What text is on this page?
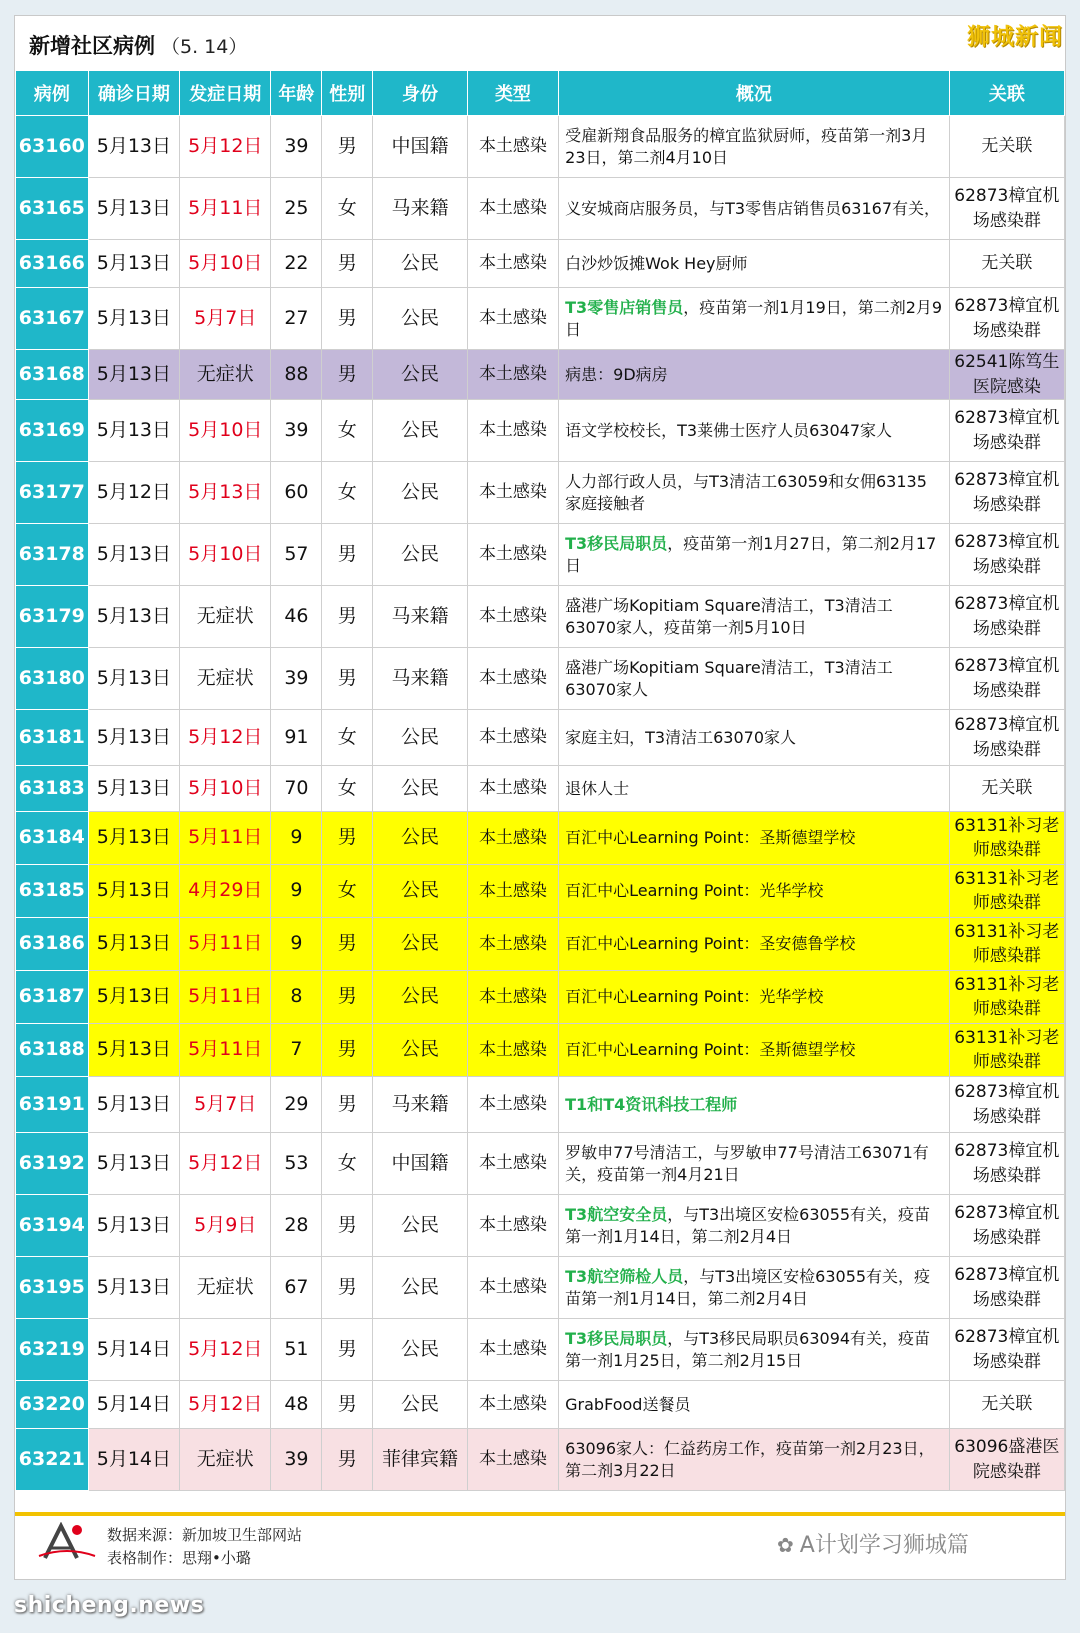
新增社区病例 （5. 14）	狮城新闻
病例	确诊日期	发症日期	年龄	性别	身份	类型	概况	关联
63160	5月13日	5月12日	39	男	中国籍	本土感染	受雇新翔食品服务的樟宜监狱厨师，疫苗第一剂3月23日，第二剂4月10日	无关联
63165	5月13日	5月11日	25	女	马来籍	本土感染	义安城商店服务员，与T3零售店销售员63167有关，	62873樟宜机场感染群
63166	5月13日	5月10日	22	男	公民	本土感染	白沙炒饭摊Wok Hey厨师	无关联
63167	5月13日	5月7日	27	男	公民	本土感染	T3零售店销售员，疫苗第一剂1月19日，第二剂2月9日	62873樟宜机场感染群
63168	5月13日	无症状	88	男	公民	本土感染	病患：9D病房	62541陈笃生医院感染
63169	5月13日	5月10日	39	女	公民	本土感染	语文学校校长，T3莱佛士医疗人员63047家人	62873樟宜机场感染群
63177	5月12日	5月13日	60	女	公民	本土感染	人力部行政人员，与T3清洁工63059和女佣63135家庭接触者	62873樟宜机场感染群
63178	5月13日	5月10日	57	男	公民	本土感染	T3移民局职员，疫苗第一剂1月27日，第二剂2月17日	62873樟宜机场感染群
63179	5月13日	无症状	46	男	马来籍	本土感染	盛港广场Kopitiam Square清洁工，T3清洁工63070家人，疫苗第一剂5月10日	62873樟宜机场感染群
63180	5月13日	无症状	39	男	马来籍	本土感染	盛港广场Kopitiam Square清洁工，T3清洁工63070家人	62873樟宜机场感染群
63181	5月13日	5月12日	91	女	公民	本土感染	家庭主妇，T3清洁工63070家人	62873樟宜机场感染群
63183	5月13日	5月10日	70	女	公民	本土感染	退休人士	无关联
63184	5月13日	5月11日	9	男	公民	本土感染	百汇中心Learning Point：圣斯德望学校	63131补习老师感染群
63185	5月13日	4月29日	9	女	公民	本土感染	百汇中心Learning Point：光华学校	63131补习老师感染群
63186	5月13日	5月11日	9	男	公民	本土感染	百汇中心Learning Point：圣安德鲁学校	63131补习老师感染群
63187	5月13日	5月11日	8	男	公民	本土感染	百汇中心Learning Point：光华学校	63131补习老师感染群
63188	5月13日	5月11日	7	男	公民	本土感染	百汇中心Learning Point：圣斯德望学校	63131补习老师感染群
63191	5月13日	5月7日	29	男	马来籍	本土感染	T1和T4资讯科技工程师	62873樟宜机场感染群
63192	5月13日	5月12日	53	女	中国籍	本土感染	罗敏申77号清洁工，与罗敏申77号清洁工63071有关，疫苗第一剂4月21日	62873樟宜机场感染群
63194	5月13日	5月9日	28	男	公民	本土感染	T3航空安全员，与T3出境区安检63055有关，疫苗第一剂1月14日，第二剂2月4日	62873樟宜机场感染群
63195	5月13日	无症状	67	男	公民	本土感染	T3航空筛检人员，与T3出境区安检63055有关，疫苗第一剂1月14日，第二剂2月4日	62873樟宜机场感染群
63219	5月14日	5月12日	51	男	公民	本土感染	T3移民局职员，与T3移民局职员63094有关，疫苗第一剂1月25日，第二剂2月15日	62873樟宜机场感染群
63220	5月14日	5月12日	48	男	公民	本土感染	GrabFood送餐员	无关联
63221	5月14日	无症状	39	男	菲律宾籍	本土感染	63096家人：仁益药房工作，疫苗第一剂2月23日，第二剂3月22日	63096盛港医院感染群
数据来源：新加坡卫生部网站
表格制作：思翔•小璐
✿ A计划学习狮城篇
shicheng.news
